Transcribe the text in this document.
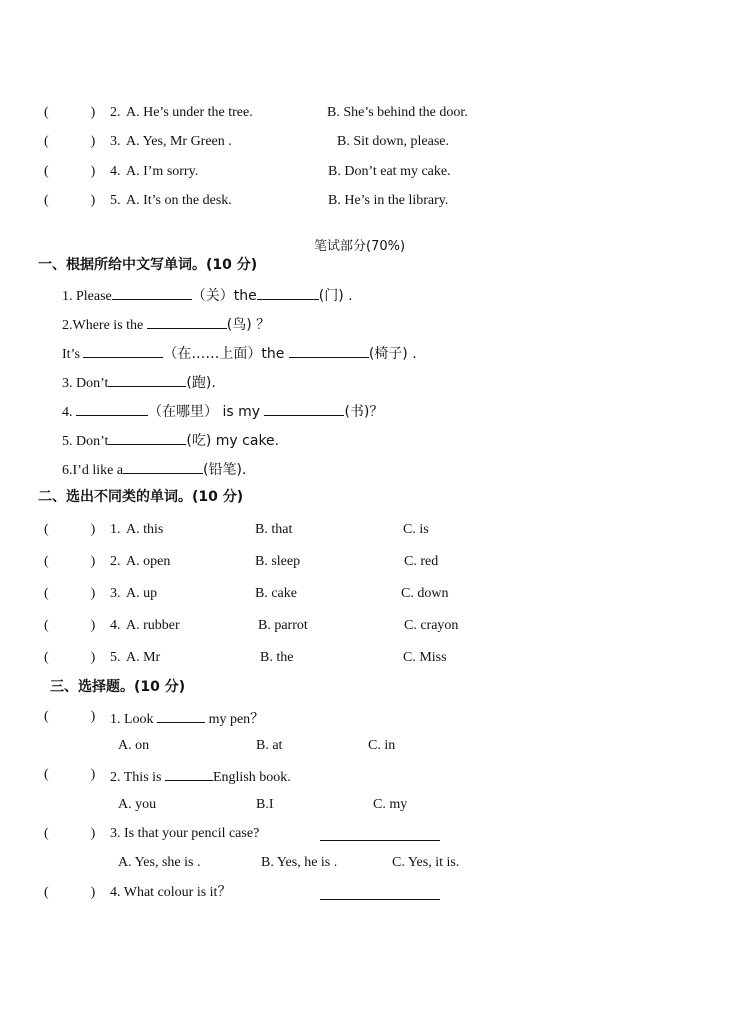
(　　　) 2. A. He’s under the tree.	B. She’s behind the door.
(　　　) 3. A. Yes, Mr Green .	B. Sit down, please.
(　　　) 4. A. I’m sorry.	B. Don’t eat my cake.
(　　　) 5. A. It’s on the desk.	B. He’s in the library.
笔试部分(70%)
一、根据所给中文写单词。(10 分)
1. Please	（关）the	(门) .
2.Where is the	(鸟) ？
It’s	（在……上面）the	(椅子) .
3. Don’t	(跑).
4.	（在哪里） is my	(书)？
5. Don’t	(吃) my cake.
6.I’d like a	(铅笔).
二、选出不同类的单词。(10 分)
(　　　) 1. A. this	B. that	C. is
(　　　) 2. A. open	B. sleep	C. red
(　　　) 3. A. up	B. cake	C. down
(　　　) 4. A. rubber	B. parrot	C. crayon
(　　　) 5. A. Mr	B. the	C. Miss
三、选择题。(10 分)
(　　　) 1. Look	my pen？
A. on	B. at	C. in
(　　　) 2. This is	English book.
A. you	B.I	C. my
(　　　) 3. Is that your pencil case?
A. Yes, she is .	B. Yes, he is .	C. Yes, it is.
(　　　) 4. What colour is it？
